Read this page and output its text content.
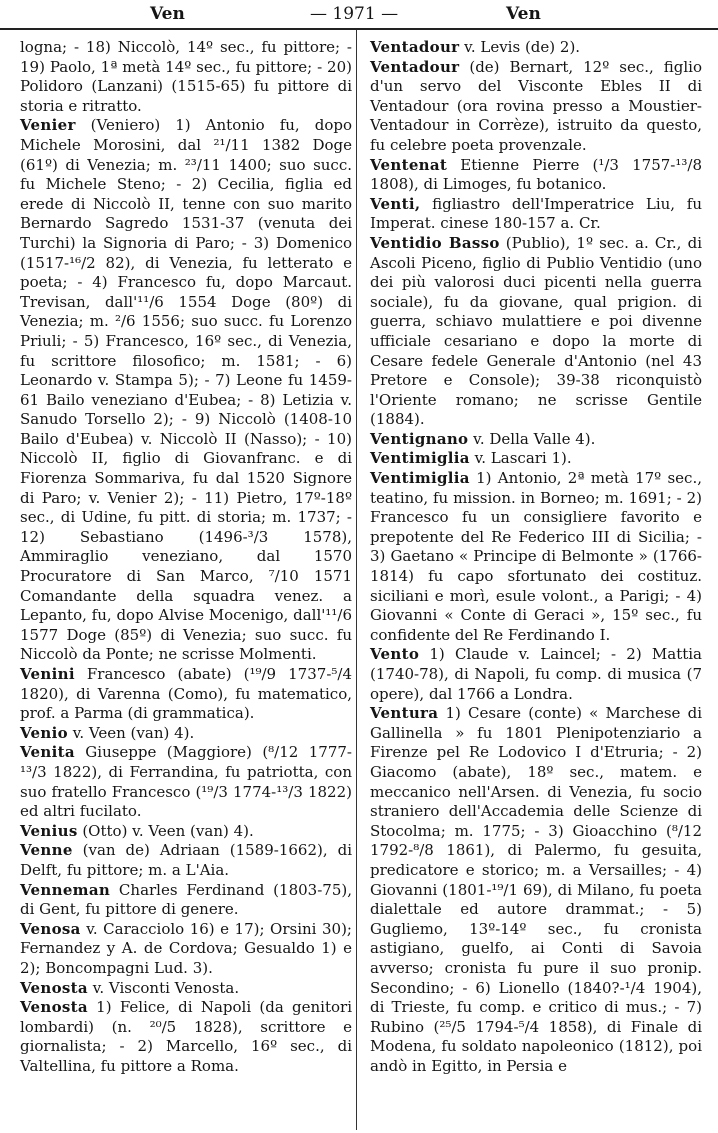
Ven	— 1971 —	Ven

logna; - 18) Niccolò, 14º sec., fu pittore; - 19) Paolo, 1ª metà 14º sec., fu pittore; - 20) Polidoro (Lanzani) (1515-65) fu pittore di storia e ritratto.

Venier (Veniero) 1) Antonio fu, dopo Michele Morosini, dal ²¹/11 1382 Doge (61º) di Venezia; m. ²³/11 1400; suo succ. fu Michele Steno; - 2) Cecilia, figlia ed erede di Niccolò II, tenne con suo marito Bernardo Sagredo 1531-37 (venuta dei Turchi) la Signoria di Paro; - 3) Domenico (1517-¹⁶/2 82), di Venezia, fu letterato e poeta; - 4) Francesco fu, dopo Marcaut. Trevisan, dall'¹¹/6 1554 Doge (80º) di Venezia; m. ²/6 1556; suo succ. fu Lorenzo Priuli; - 5) Francesco, 16º sec., di Venezia, fu scrittore filosofico; m. 1581; - 6) Leonardo v. Stampa 5); - 7) Leone fu 1459-61 Bailo veneziano d'Eubea; - 8) Letizia v. Sanudo Torsello 2); - 9) Niccolò (1408-10 Bailo d'Eubea) v. Niccolò II (Nasso); - 10) Niccolò II, figlio di Giovanfranc. e di Fiorenza Sommariva, fu dal 1520 Signore di Paro; v. Venier 2); - 11) Pietro, 17º-18º sec., di Udine, fu pitt. di storia; m. 1737; - 12) Sebastiano (1496-³/3 1578), Ammiraglio veneziano, dal 1570 Procuratore di San Marco, ⁷/10 1571 Comandante della squadra venez. a Lepanto, fu, dopo Alvise Mocenigo, dall'¹¹/6 1577 Doge (85º) di Venezia; suo succ. fu Niccolò da Ponte; ne scrisse Molmenti.

Venini Francesco (abate) (¹⁹/9 1737-⁵/4 1820), di Varenna (Como), fu matematico, prof. a Parma (di grammatica).

Venio v. Veen (van) 4).

Venita Giuseppe (Maggiore) (⁸/12 1777-¹³/3 1822), di Ferrandina, fu patriotta, con suo fratello Francesco (¹⁹/3 1774-¹³/3 1822) ed altri fucilato.

Venius (Otto) v. Veen (van) 4).

Venne (van de) Adriaan (1589-1662), di Delft, fu pittore; m. a L'Aia.

Venneman Charles Ferdinand (1803-75), di Gent, fu pittore di genere.

Venosa v. Caracciolo 16) e 17); Orsini 30); Fernandez y A. de Cordova; Gesualdo 1) e 2); Boncompagni Lud. 3).

Venosta v. Visconti Venosta.

Venosta 1) Felice, di Napoli (da genitori lombardi) (n. ²⁰/5 1828), scrittore e giornalista; - 2) Marcello, 16º sec., di Valtellina, fu pittore a Roma.

Ventadour v. Levis (de) 2).

Ventadour (de) Bernart, 12º sec., figlio d'un servo del Visconte Ebles II di Ventadour (ora rovina presso a Moustier-Ventadour in Corrèze), istruito da questo, fu celebre poeta provenzale.

Ventenat Etienne Pierre (¹/3 1757-¹³/8 1808), di Limoges, fu botanico.

Venti, figliastro dell'Imperatrice Liu, fu Imperat. cinese 180-157 a. Cr.

Ventidio Basso (Publio), 1º sec. a. Cr., di Ascoli Piceno, figlio di Publio Ventidio (uno dei più valorosi duci picenti nella guerra sociale), fu da giovane, qual prigion. di guerra, schiavo mulattiere e poi divenne ufficiale cesariano e dopo la morte di Cesare fedele Generale d'Antonio (nel 43 Pretore e Console); 39-38 riconquistò l'Oriente romano; ne scrisse Gentile (1884).

Ventignano v. Della Valle 4).

Ventimiglia v. Lascari 1).

Ventimiglia 1) Antonio, 2ª metà 17º sec., teatino, fu mission. in Borneo; m. 1691; - 2) Francesco fu un consigliere favorito e prepotente del Re Federico III di Sicilia; - 3) Gaetano « Principe di Belmonte » (1766-1814) fu capo sfortunato dei costituz. siciliani e morì, esule volont., a Parigi; - 4) Giovanni « Conte di Geraci », 15º sec., fu confidente del Re Ferdinando I.

Vento 1) Claude v. Laincel; - 2) Mattia (1740-78), di Napoli, fu comp. di musica (7 opere), dal 1766 a Londra.

Ventura 1) Cesare (conte) « Marchese di Gallinella » fu 1801 Plenipotenziario a Firenze pel Re Lodovico I d'Etruria; - 2) Giacomo (abate), 18º sec., matem. e meccanico nell'Arsen. di Venezia, fu socio straniero dell'Accademia delle Scienze di Stocolma; m. 1775; - 3) Gioacchino (⁸/12 1792-⁸/8 1861), di Palermo, fu gesuita, predicatore e storico; m. a Versailles; - 4) Giovanni (1801-¹⁹/1 69), di Milano, fu poeta dialettale ed autore drammat.; - 5) Gugliemo, 13º-14º sec., fu cronista astigiano, guelfo, ai Conti di Savoia avverso; cronista fu pure il suo pronip. Secondino; - 6) Lionello (1840?-¹/4 1904), di Trieste, fu comp. e critico di mus.; - 7) Rubino (²⁵/5 1794-⁵/4 1858), di Finale di Modena, fu soldato napoleonico (1812), poi andò in Egitto, in Persia e
